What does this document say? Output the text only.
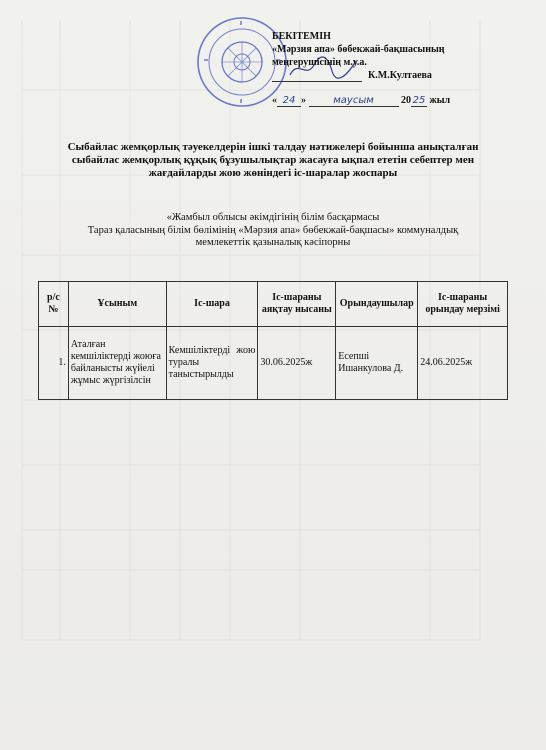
БЕКІТЕМІН
«Мәрзия апа» бөбекжай-бақшасының
меңгерушісінің м.у.а.
К.М.Култаева
« 24 » маусым	20 25 жыл
Сыбайлас жемқорлық тәуекелдерін ішкі талдау нәтижелері бойынша анықталған сыбайлас жемқорлық құқық бұзушылықтар жасауға ықпал ететін себептер мен жағдайларды жою жөніндегі іс-шаралар жоспары
«Жамбыл облысы әкімдігінің білім басқармасы
Тараз қаласының білім бөлімінің «Мәрзия апа» бөбекжай-бақшасы» коммуналдық
мемлекеттік қазыналық кәсіпорны
р/с №	Ұсыным	Іс-шара	Іс-шараны аяқтау нысаны	Орындаушылар	Іс-шараны орындау мерзімі
1.	Аталған кемшіліктерді жоюға байланысты жүйелі жұмыс жүргізілсін	Кемшіліктерді жою туралы таныстырылды	30.06.2025ж	Есепші Ишанкулова Д.	24.06.2025ж
